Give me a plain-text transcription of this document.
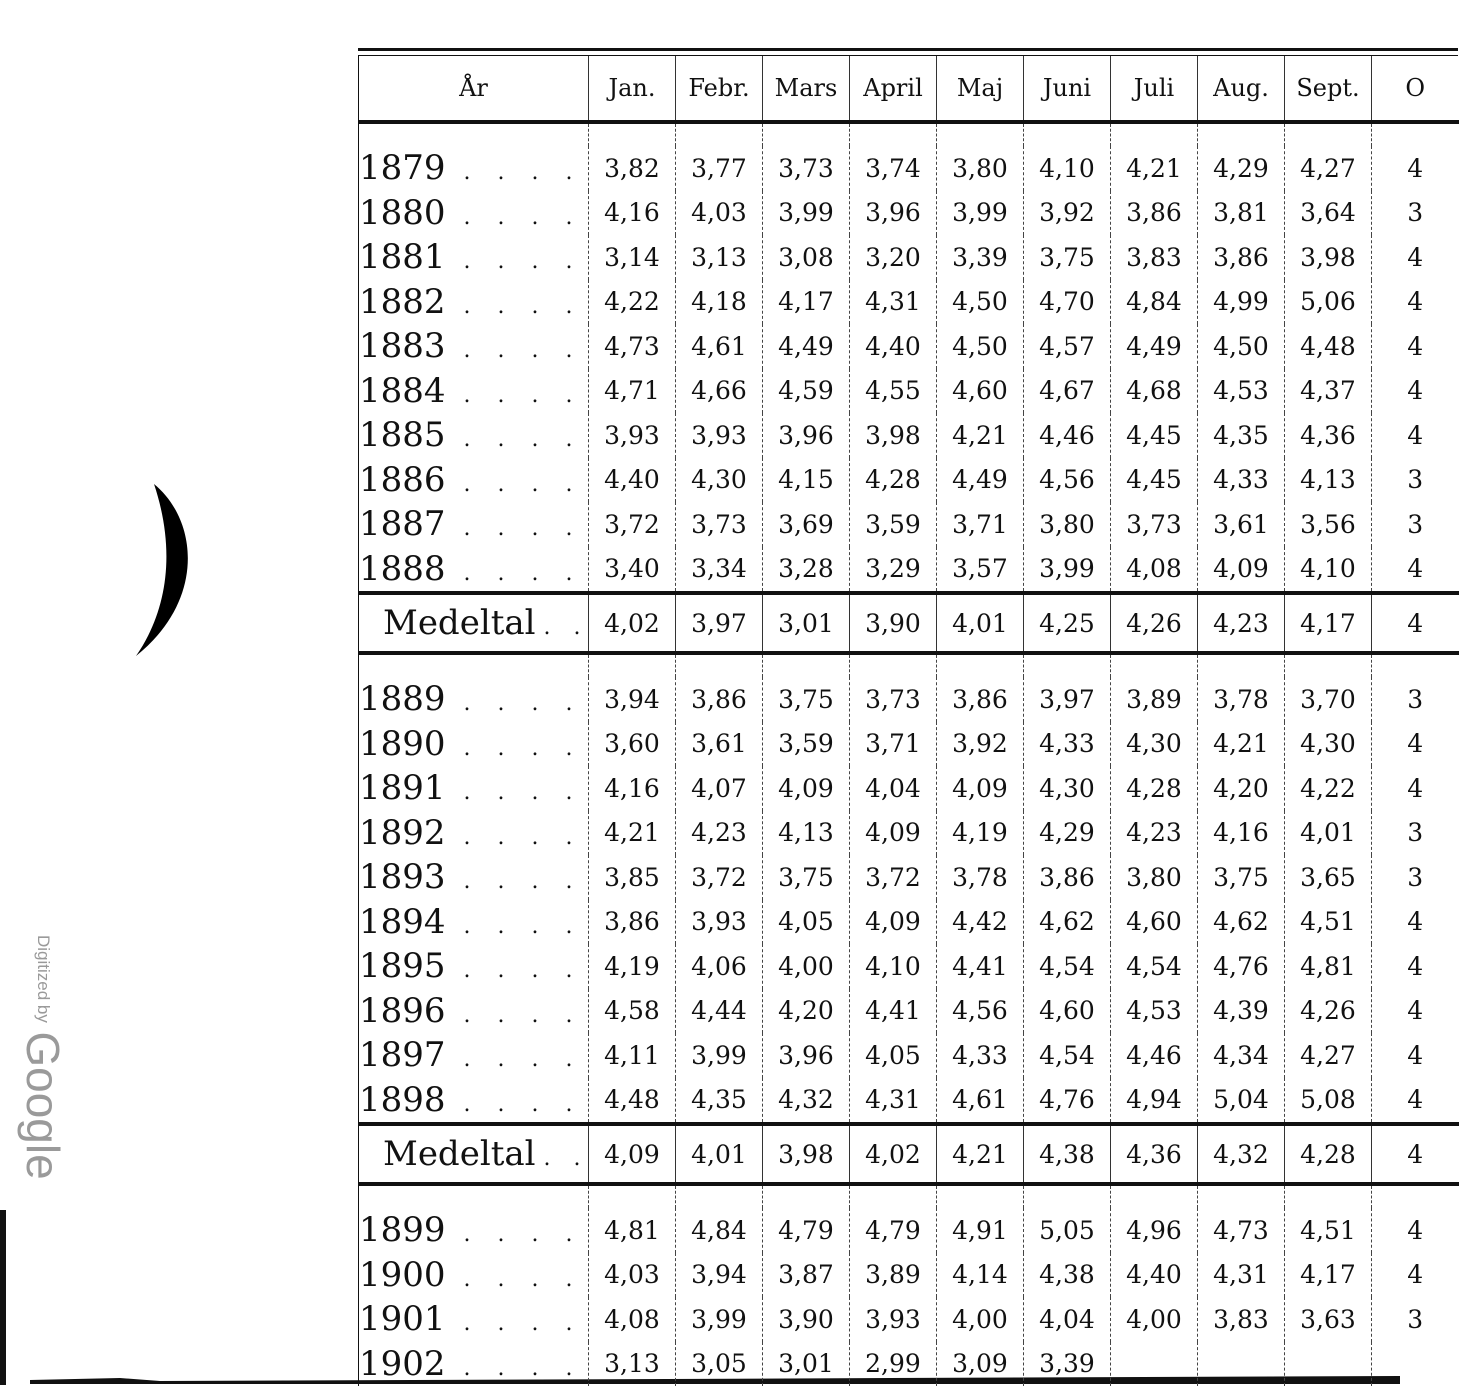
Digitized by Google
År	Jan.	Febr.	Mars	April	Maj	Juni	Juli	Aug.	Sept.	O

1879 . . . .	3,82	3,77	3,73	3,74	3,80	4,10	4,21	4,29	4,27	4
1880 . . . .	4,16	4,03	3,99	3,96	3,99	3,92	3,86	3,81	3,64	3
1881 . . . .	3,14	3,13	3,08	3,20	3,39	3,75	3,83	3,86	3,98	4
1882 . . . .	4,22	4,18	4,17	4,31	4,50	4,70	4,84	4,99	5,06	4
1883 . . . .	4,73	4,61	4,49	4,40	4,50	4,57	4,49	4,50	4,48	4
1884 . . . .	4,71	4,66	4,59	4,55	4,60	4,67	4,68	4,53	4,37	4
1885 . . . .	3,93	3,93	3,96	3,98	4,21	4,46	4,45	4,35	4,36	4
1886 . . . .	4,40	4,30	4,15	4,28	4,49	4,56	4,45	4,33	4,13	3
1887 . . . .	3,72	3,73	3,69	3,59	3,71	3,80	3,73	3,61	3,56	3
1888 . . . .	3,40	3,34	3,28	3,29	3,57	3,99	4,08	4,09	4,10	4
Medeltal . .	4,02	3,97	3,01	3,90	4,01	4,25	4,26	4,23	4,17	4

1889 . . . .	3,94	3,86	3,75	3,73	3,86	3,97	3,89	3,78	3,70	3
1890 . . . .	3,60	3,61	3,59	3,71	3,92	4,33	4,30	4,21	4,30	4
1891 . . . .	4,16	4,07	4,09	4,04	4,09	4,30	4,28	4,20	4,22	4
1892 . . . .	4,21	4,23	4,13	4,09	4,19	4,29	4,23	4,16	4,01	3
1893 . . . .	3,85	3,72	3,75	3,72	3,78	3,86	3,80	3,75	3,65	3
1894 . . . .	3,86	3,93	4,05	4,09	4,42	4,62	4,60	4,62	4,51	4
1895 . . . .	4,19	4,06	4,00	4,10	4,41	4,54	4,54	4,76	4,81	4
1896 . . . .	4,58	4,44	4,20	4,41	4,56	4,60	4,53	4,39	4,26	4
1897 . . . .	4,11	3,99	3,96	4,05	4,33	4,54	4,46	4,34	4,27	4
1898 . . . .	4,48	4,35	4,32	4,31	4,61	4,76	4,94	5,04	5,08	4
Medeltal . .	4,09	4,01	3,98	4,02	4,21	4,38	4,36	4,32	4,28	4

1899 . . . .	4,81	4,84	4,79	4,79	4,91	5,05	4,96	4,73	4,51	4
1900 . . . .	4,03	3,94	3,87	3,89	4,14	4,38	4,40	4,31	4,17	4
1901 . . . .	4,08	3,99	3,90	3,93	4,00	4,04	4,00	3,83	3,63	3
1902 . . . .	3,13	3,05	3,01	2,99	3,09	3,39				
